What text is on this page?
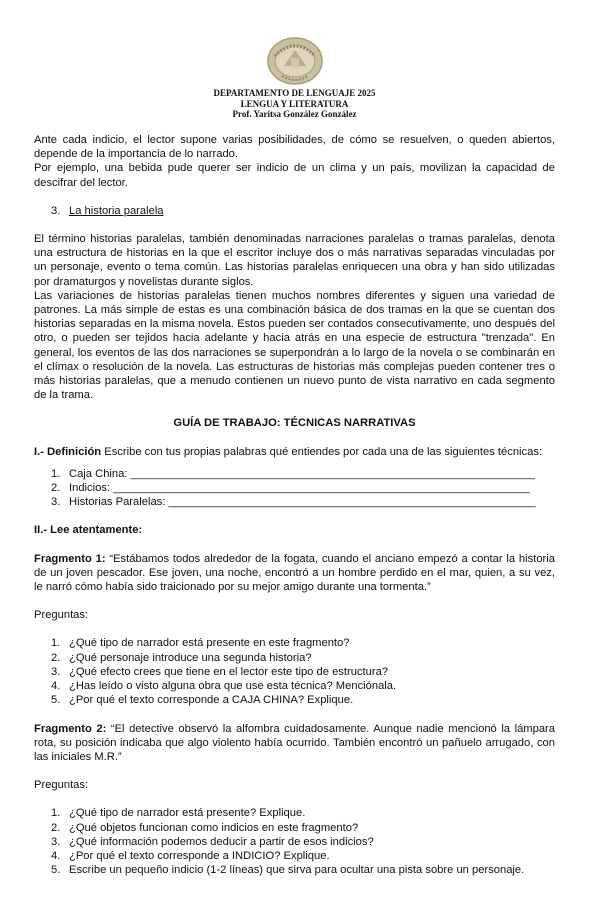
DEPARTAMENTO DE LENGUAJE 2025
LENGUA Y LITERATURA
Prof. Yaritsa González González

Ante cada indicio, el lector supone varias posibilidades, de cómo se resuelven, o queden abiertos, depende de la importancia de lo narrado.

Por ejemplo, una bebida pude querer ser indicio de un clima y un país, movilizan la capacidad de descifrar del lector.

3. La historia paralela

El término historias paralelas, también denominadas narraciones paralelas o tramas paralelas, denota una estructura de historias en la que el escritor incluye dos o más narrativas separadas vinculadas por un personaje, evento o tema común. Las historias paralelas enriquecen una obra y han sido utilizadas por dramaturgos y novelistas durante siglos.

Las variaciones de historias paralelas tienen muchos nombres diferentes y siguen una variedad de patrones. La más simple de estas es una combinación básica de dos tramas en la que se cuentan dos historias separadas en la misma novela. Estos pueden ser contados consecutivamente, uno después del otro, o pueden ser tejidos hacia adelante y hacia atrás en una especie de estructura "trenzada". En general, los eventos de las dos narraciones se superpondrán a lo largo de la novela o se combinarán en el clímax o resolución de la novela. Las estructuras de historias más complejas pueden contener tres o más historias paralelas, que a menudo contienen un nuevo punto de vista narrativo en cada segmento de la trama.

GUÍA DE TRABAJO: TÉCNICAS NARRATIVAS

I.- Definición Escribe con tus propias palabras qué entiendes por cada una de las siguientes técnicas:

1. Caja China: _________________________________________________________________
2. Indicios: ___________________________________________________________________
3. Historias Paralelas: ___________________________________________________________

II.- Lee atentamente:

Fragmento 1: “Estábamos todos alrededor de la fogata, cuando el anciano empezó a contar la historia de un joven pescador. Ese joven, una noche, encontró a un hombre perdido en el mar, quien, a su vez, le narró cómo había sido traicionado por su mejor amigo durante una tormenta.”

Preguntas:

1. ¿Qué tipo de narrador está presente en este fragmento?
2. ¿Qué personaje introduce una segunda historia?
3. ¿Qué efecto crees que tiene en el lector este tipo de estructura?
4. ¿Has leído o visto alguna obra que use esta técnica? Menciónala.
5. ¿Por qué el texto corresponde a CAJA CHINA? Explique.

Fragmento 2: “El detective observó la alfombra cuidadosamente. Aunque nadie mencionó la lámpara rota, su posición indicaba que algo violento había ocurrido. También encontró un pañuelo arrugado, con las iniciales M.R.”

Preguntas:

1. ¿Qué tipo de narrador está presente? Explique.
2. ¿Qué objetos funcionan como indicios en este fragmento?
3. ¿Qué información podemos deducir a partir de esos indicios?
4. ¿Por qué el texto corresponde a INDICIO? Explique.
5. Escribe un pequeño indicio (1-2 líneas) que sirva para ocultar una pista sobre un personaje.
